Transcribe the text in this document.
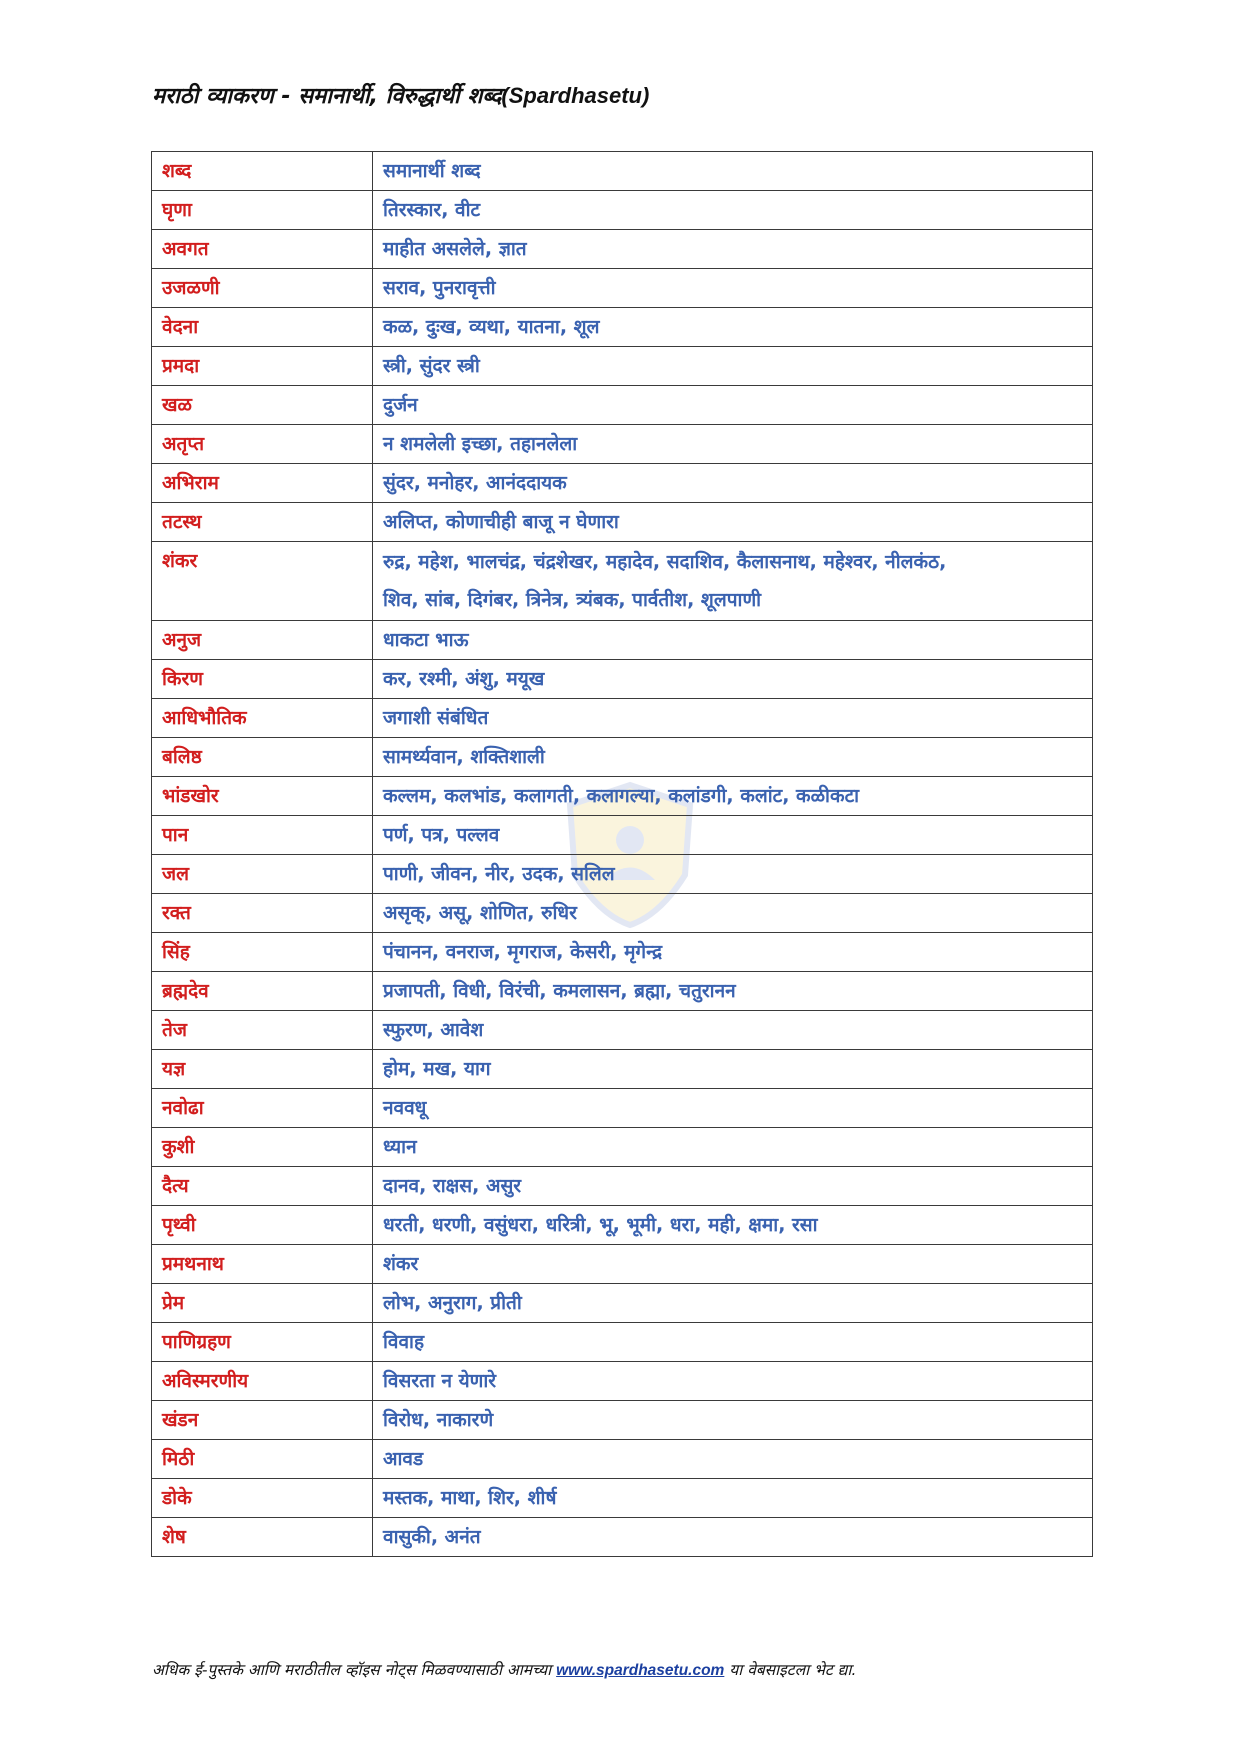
मराठी व्याकरण - समानार्थी, विरुद्धार्थी शब्द(Spardhasetu)
शब्द	समानार्थी शब्द
घृणा	तिरस्कार, वीट
अवगत	माहीत असलेले, ज्ञात
उजळणी	सराव, पुनरावृत्ती
वेदना	कळ, दुःख, व्यथा, यातना, शूल
प्रमदा	स्त्री, सुंदर स्त्री
खळ	दुर्जन
अतृप्त	न शमलेली इच्छा, तहानलेला
अभिराम	सुंदर, मनोहर, आनंददायक
तटस्थ	अलिप्त, कोणाचीही बाजू न घेणारा
शंकर	रुद्र, महेश, भालचंद्र, चंद्रशेखर, महादेव, सदाशिव, कैलासनाथ, महेश्वर, नीलकंठ,
शिव, सांब, दिगंबर, त्रिनेत्र, त्र्यंबक, पार्वतीश, शूलपाणी

अनुज	धाकटा भाऊ
किरण	कर, रश्मी, अंशु, मयूख
आधिभौतिक	जगाशी संबंधित
बलिष्ठ	सामर्थ्यवान, शक्तिशाली
भांडखोर	कल्लम, कलभांड, कलागती, कलागल्या, कलांडगी, कलांट, कळीकटा
पान	पर्ण, पत्र, पल्लव
जल	पाणी, जीवन, नीर, उदक, सलिल
रक्त	असृक्, असू, शोणित, रुधिर
सिंह	पंचानन, वनराज, मृगराज, केसरी, मृगेन्द्र
ब्रह्मदेव	प्रजापती, विधी, विरंची, कमलासन, ब्रह्मा, चतुरानन
तेज	स्फुरण, आवेश
यज्ञ	होम, मख, याग
नवोढा	नववधू
कुशी	ध्यान
दैत्य	दानव, राक्षस, असुर
पृथ्वी	धरती, धरणी, वसुंधरा, धरित्री, भू, भूमी, धरा, मही, क्षमा, रसा
प्रमथनाथ	शंकर
प्रेम	लोभ, अनुराग, प्रीती
पाणिग्रहण	विवाह
अविस्मरणीय	विसरता न येणारे
खंडन	विरोध, नाकारणे
मिठी	आवड
डोके	मस्तक, माथा, शिर, शीर्ष
शेष	वासुकी, अनंत
अधिक ई-पुस्तके आणि मराठीतील व्हॉइस नोट्स मिळवण्यासाठी आमच्या www.spardhasetu.com या वेबसाइटला भेट द्या.
